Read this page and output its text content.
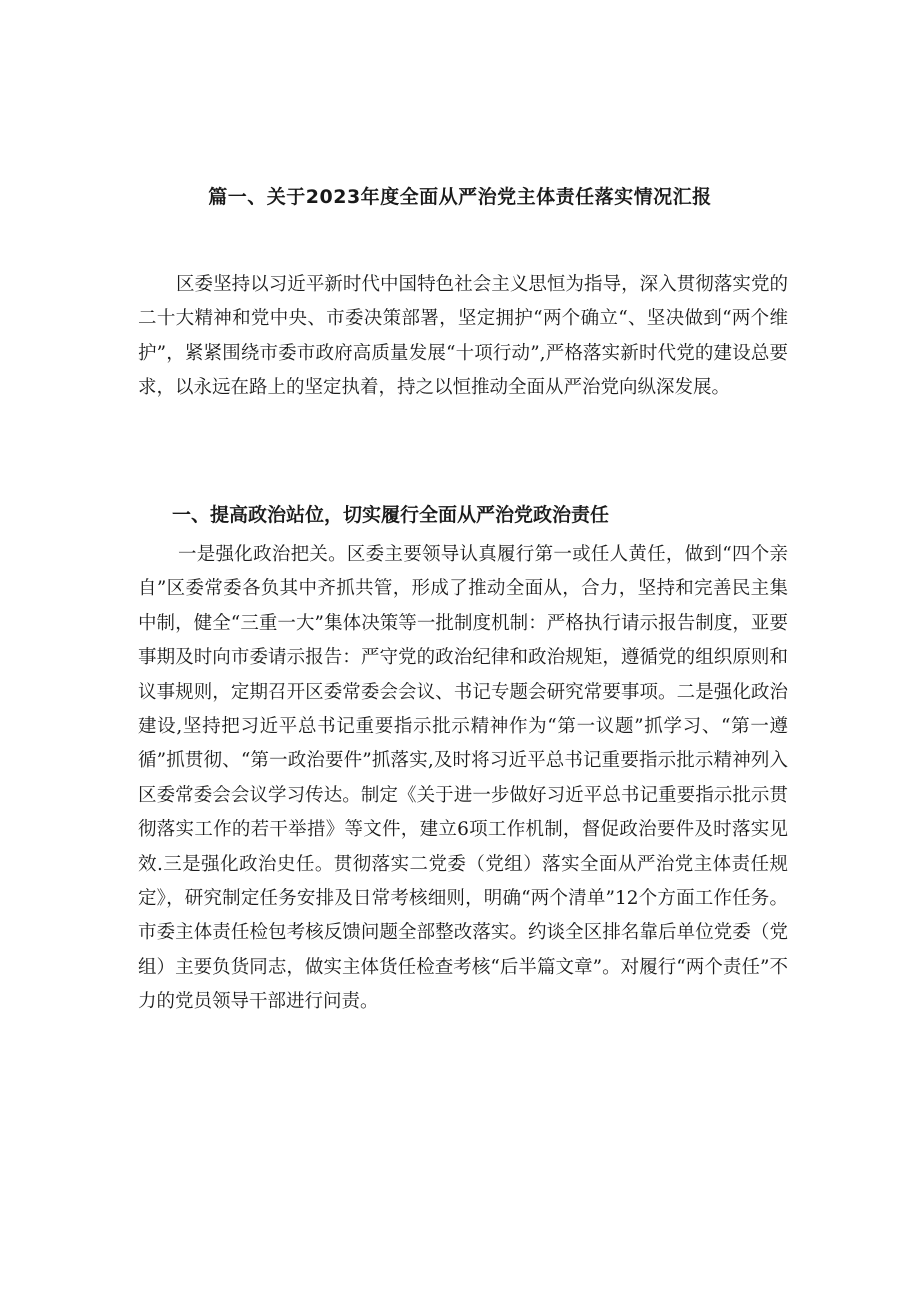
篇一、关于2023年度全面从严治党主体责任落实情况汇报

区委坚持以习近平新时代中国特色社会主义思恒为指导，深入贯彻落实党的二十大精神和党中央、市委决策部署，坚定拥护“两个确立“、坚决做到“两个维护”，紧紧围绕市委市政府高质量发展“十项行动”,严格落实新时代党的建设总要求，以永远在路上的坚定执着，持之以恒推动全面从严治党向纵深发展。

一、提高政治站位，切实履行全面从严治党政治责任

一是强化政治把关。区委主要领导认真履行第一或任人黄任，做到“四个亲自”区委常委各负其中齐抓共管，形成了推动全面从，合力，坚持和完善民主集中制，健全“三重一大”集体决策等一批制度机制：严格执行请示报告制度，亚要事期及时向市委请示报告：严守党的政治纪律和政治规矩，遵循党的组织原则和议事规则，定期召开区委常委会会议、书记专题会研究常要事项。二是强化政治建设,坚持把习近平总书记重要指示批示精神作为“第一议题”抓学习、“第一遵循”抓贯彻、“第一政治要件”抓落实,及时将习近平总书记重要指示批示精神列入区委常委会会议学习传达。制定《关于进一步做好习近平总书记重要指示批示贯彻落实工作的若干举措》等文件，建立6项工作机制，督促政治要件及时落实见效.三是强化政治史任。贯彻落实二党委（党组）落实全面从严治党主体责任规定》，研究制定任务安排及日常考核细则，明确“两个清单”12个方面工作任务。市委主体责任检包考核反馈问题全部整改落实。约谈全区排名靠后单位党委（党组）主要负货同志，做实主体货任检查考核“后半篇文章”。对履行“两个责任”不力的党员领导干部进行问责。
